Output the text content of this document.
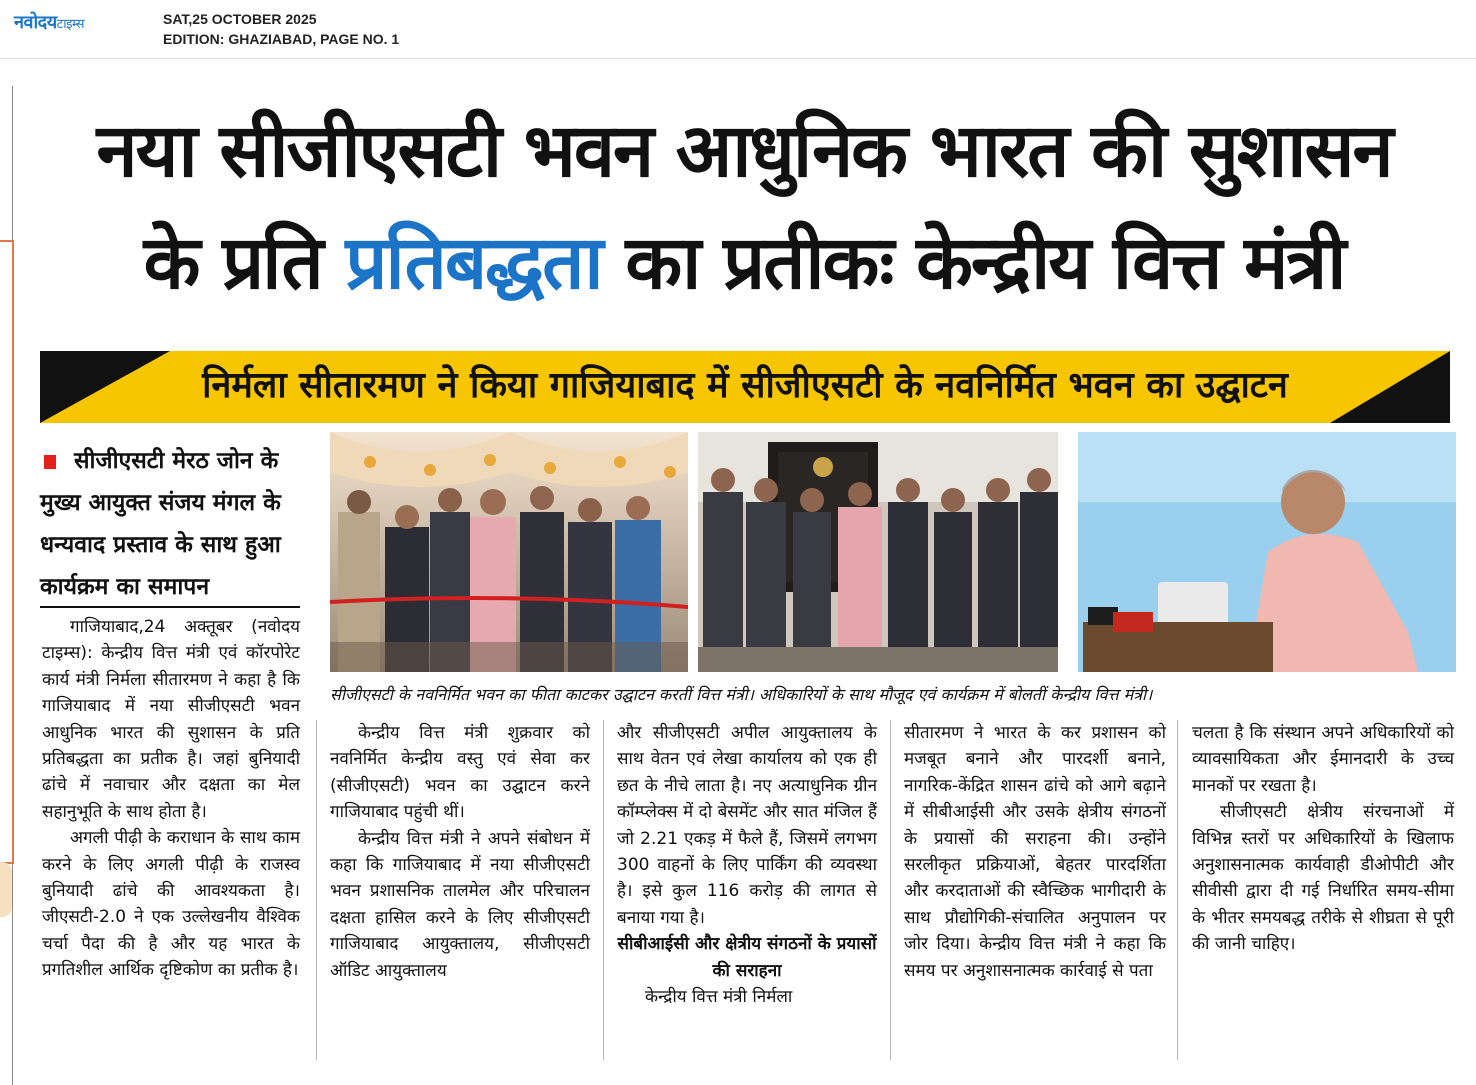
नवोदयटाइम्स	SAT,25 OCTOBER 2025
EDITION: GHAZIABAD, PAGE NO. 1
नया सीजीएसटी भवन आधुनिक भारत की सुशासन
के प्रति प्रतिबद्धता का प्रतीकः केन्द्रीय वित्त मंत्री
निर्मला सीतारमण ने किया गाजियाबाद में सीजीएसटी के नवनिर्मित भवन का उद्घाटन
सीजीएसटी मेरठ जोन के मुख्य आयुक्त संजय मंगल के धन्यवाद प्रस्ताव के साथ हुआ कार्यक्रम का समापन
सीजीएसटी के नवनिर्मित भवन का फीता काटकर उद्घाटन करतीं वित्त मंत्री। अधिकारियों के साथ मौजूद एवं कार्यक्रम में बोलतीं केन्द्रीय वित्त मंत्री।

गाजियाबाद,24 अक्तूबर (नवोदय टाइम्स): केन्द्रीय वित्त मंत्री एवं कॉरपोरेट कार्य मंत्री निर्मला सीतारमण ने कहा है कि गाजियाबाद में नया सीजीएसटी भवन आधुनिक भारत की सुशासन के प्रति प्रतिबद्धता का प्रतीक है। जहां बुनियादी ढांचे में नवाचार और दक्षता का मेल सहानुभूति के साथ होता है।

अगली पीढ़ी के कराधान के साथ काम करने के लिए अगली पीढ़ी के राजस्व बुनियादी ढांचे की आवश्यकता है। जीएसटी-2.0 ने एक उल्लेखनीय वैश्विक चर्चा पैदा की है और यह भारत के प्रगतिशील आर्थिक दृष्टिकोण का प्रतीक है।

केन्द्रीय वित्त मंत्री शुक्रवार को नवनिर्मित केन्द्रीय वस्तु एवं सेवा कर (सीजीएसटी) भवन का उद्घाटन करने गाजियाबाद पहुंची थीं।

केन्द्रीय वित्त मंत्री ने अपने संबोधन में कहा कि गाजियाबाद में नया सीजीएसटी भवन प्रशासनिक तालमेल और परिचालन दक्षता हासिल करने के लिए सीजीएसटी गाजियाबाद आयुक्तालय, सीजीएसटी ऑडिट आयुक्तालय

और सीजीएसटी अपील आयुक्तालय के साथ वेतन एवं लेखा कार्यालय को एक ही छत के नीचे लाता है। नए अत्याधुनिक ग्रीन कॉम्प्लेक्स में दो बेसमेंट और सात मंजिल हैं जो 2.21 एकड़ में फैले हैं, जिसमें लगभग 300 वाहनों के लिए पार्किंग की व्यवस्था है। इसे कुल 116 करोड़ की लागत से बनाया गया है।

सीबीआईसी और क्षेत्रीय संगठनों के प्रयासों की सराहना

केन्द्रीय वित्त मंत्री निर्मला

सीतारमण ने भारत के कर प्रशासन को मजबूत बनाने और पारदर्शी बनाने, नागरिक-केंद्रित शासन ढांचे को आगे बढ़ाने में सीबीआईसी और उसके क्षेत्रीय संगठनों के प्रयासों की सराहना की। उन्होंने सरलीकृत प्रक्रियाओं, बेहतर पारदर्शिता और करदाताओं की स्वैच्छिक भागीदारी के साथ प्रौद्योगिकी-संचालित अनुपालन पर जोर दिया। केन्द्रीय वित्त मंत्री ने कहा कि समय पर अनुशासनात्मक कार्रवाई से पता

चलता है कि संस्थान अपने अधिकारियों को व्यावसायिकता और ईमानदारी के उच्च मानकों पर रखता है।

सीजीएसटी क्षेत्रीय संरचनाओं में विभिन्न स्तरों पर अधिकारियों के खिलाफ अनुशासनात्मक कार्यवाही डीओपीटी और सीवीसी द्वारा दी गई निर्धारित समय-सीमा के भीतर समयबद्ध तरीके से शीघ्रता से पूरी की जानी चाहिए।
